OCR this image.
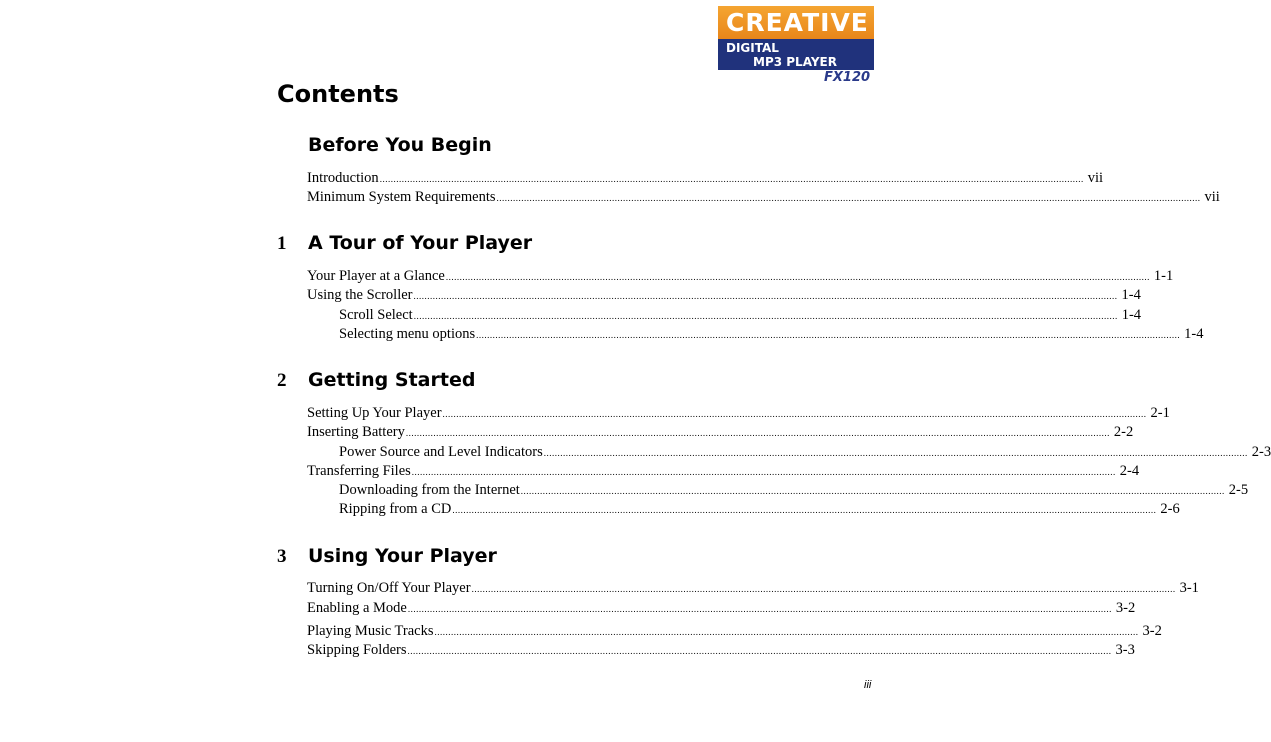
CREATIVE
DIGITAL
MP3 PLAYER
FX120
Contents
Before You Begin
Introduction ................................................................................................................................................................................................................................................................ vii
Minimum System Requirements ................................................................................................................................................................................................................................................................ vii
1 A Tour of Your Player
Your Player at a Glance ................................................................................................................................................................................................................................................................ 1-1
Using the Scroller ................................................................................................................................................................................................................................................................ 1-4
Scroll Select ................................................................................................................................................................................................................................................................ 1-4
Selecting menu options ................................................................................................................................................................................................................................................................ 1-4
2 Getting Started
Setting Up Your Player ................................................................................................................................................................................................................................................................ 2-1
Inserting Battery ................................................................................................................................................................................................................................................................ 2-2
Power Source and Level Indicators ................................................................................................................................................................................................................................................................ 2-3
Transferring Files ................................................................................................................................................................................................................................................................ 2-4
Downloading from the Internet ................................................................................................................................................................................................................................................................ 2-5
Ripping from a CD ................................................................................................................................................................................................................................................................ 2-6
3 Using Your Player
Turning On/Off Your Player ................................................................................................................................................................................................................................................................ 3-1
Enabling a Mode ................................................................................................................................................................................................................................................................ 3-2
Playing Music Tracks ................................................................................................................................................................................................................................................................ 3-2
Skipping Folders ................................................................................................................................................................................................................................................................ 3-3
iii
